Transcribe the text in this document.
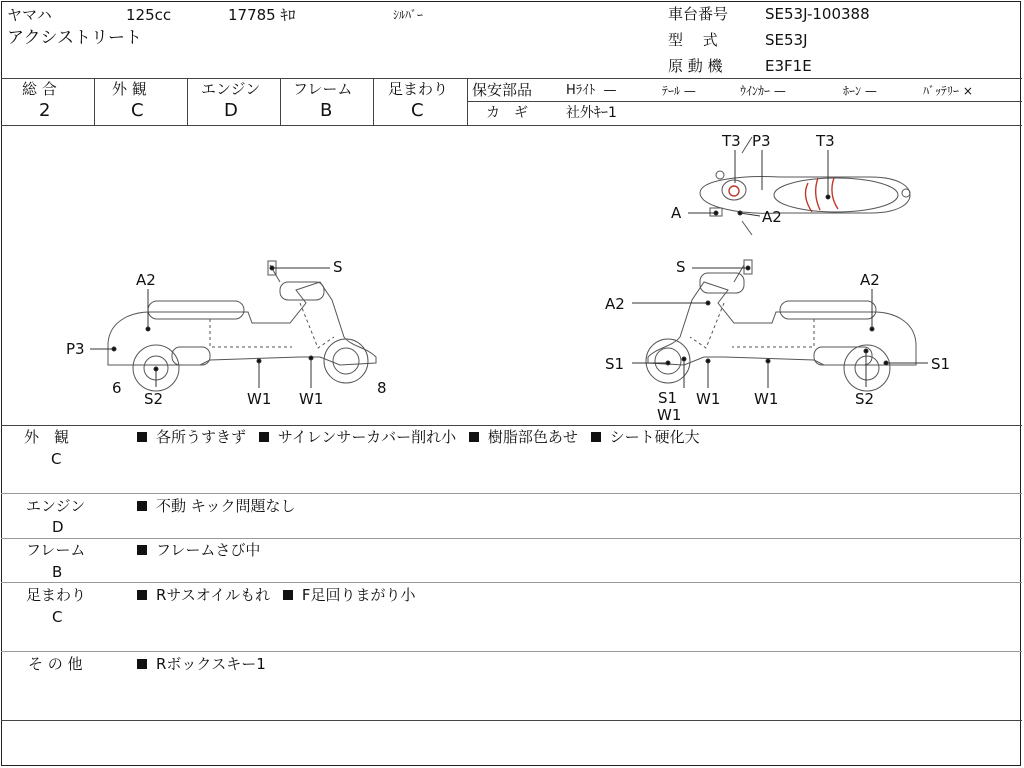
ヤマハ	125cc	17785 ｷﾛ	ｼﾙﾊﾞｰ
アクシストリート
車台番号 SE53J-100388
型　 式	SE53J
原 動 機	E3F1E
総 合
2
外 観
C
エンジン
D
フレーム
B
足まわり
C
保安部品	Hﾗｲﾄ —	ﾃｰﾙ —	ｳｲﾝｶｰ —	ﾎｰﾝ —	ﾊﾞｯﾃﾘｰ ×
カ　ギ	社外ｷｰ1
T3 P3	T3
A	A2
S
A2
P3
6
S2	W1 W1
8
S
A2
A2
S1
S1
W1
W1 W1	S2
S1
外　観
C
各所うすきず サイレンサーカバー削れ小 樹脂部色あせ シート硬化大
エンジン
D
不動 キック問題なし
フレーム
B
フレームさび中
足まわり
C
Rサスオイルもれ F足回りまがり小
そ の 他	Rボックスキー1
